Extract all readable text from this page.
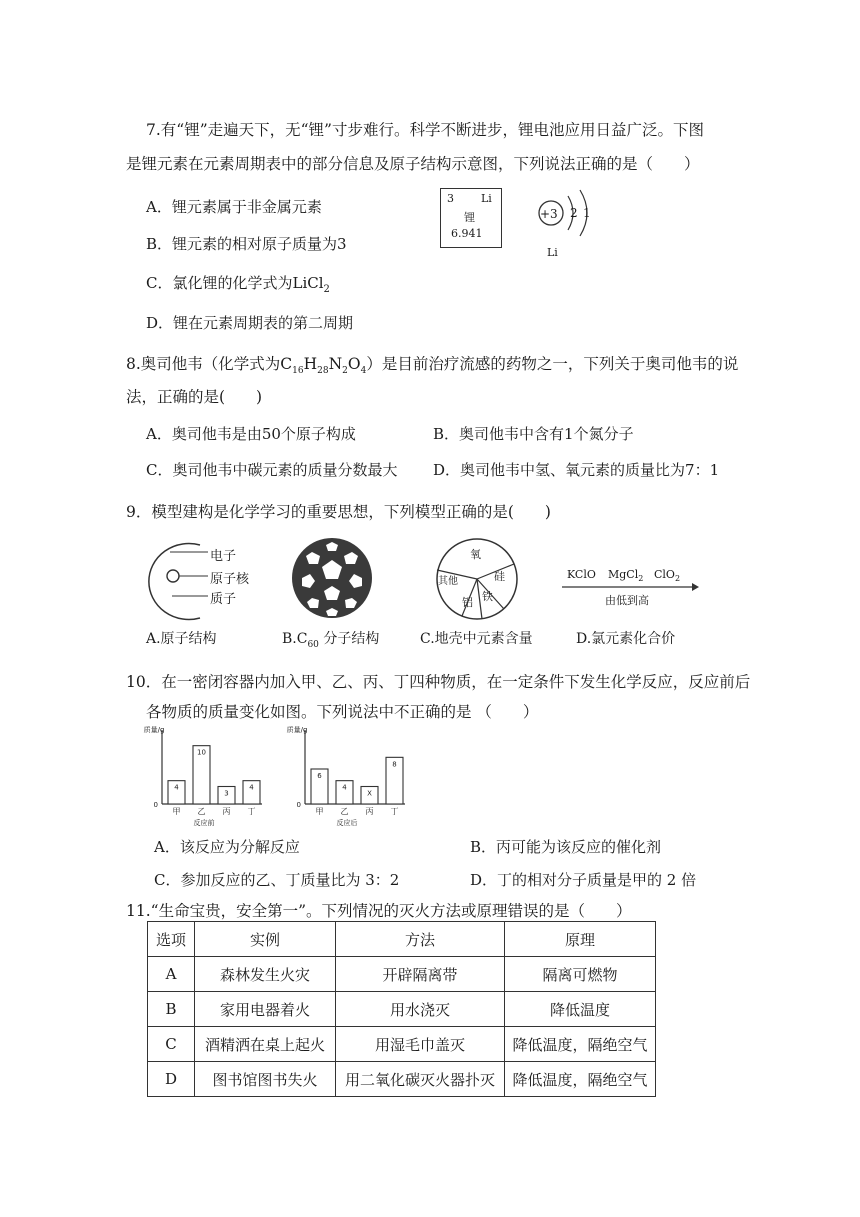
7.有“锂”走遍天下，无“锂”寸步难行。科学不断进步，锂电池应用日益广泛。下图
是锂元素在元素周期表中的部分信息及原子结构示意图，下列说法正确的是（　　）
A．锂元素属于非金属元素
B．锂元素的相对原子质量为3
C．氯化锂的化学式为LiCl$_2$
D．锂在元素周期表的第二周期
3 Li
锂
6.941
+3 2 1
Li
8.奥司他韦（化学式为$C_{16}H_{28}N_2O_4$）是目前治疗流感的药物之一，下列关于奥司他韦的说
法，正确的是(　　)
A．奥司他韦是由50个原子构成	B．奥司他韦中含有1个氮分子
C．奥司他韦中碳元素的质量分数最大 D．奥司他韦中氢、氧元素的质量比为7：1
9．模型建构是化学学习的重要思想，下列模型正确的是(　　)
电子
原子核
质子
氧
硅
铁
铝
其他
KClO MgCl$_2$ ClO$_2$
由低到高
A.原子结构	$B.C_{60}$ 分子结构	C.地壳中元素含量	D.氯元素化合价
10．在一密闭容器内加入甲、乙、丙、丁四种物质，在一定条件下发生化学反应，反应前后
各物质的质量变化如图。下列说法中不正确的是 （　　）
质量/g
0
4
甲
10
乙
3
丙
4
丁
反应前
质量/g
0
6
甲
4
乙
X
丙
8
丁
反应后
A．该反应为分解反应	B．丙可能为该反应的催化剂
C．参加反应的乙、丁质量比为 3：2	D．丁的相对分子质量是甲的 2 倍
11.“生命宝贵，安全第一”。下列情况的灭火方法或原理错误的是（　　）
选项	实例	方法	原理
A	森林发生火灾	开辟隔离带	隔离可燃物
B	家用电器着火	用水浇灭	降低温度
C	酒精洒在桌上起火	用湿毛巾盖灭	降低温度，隔绝空气
D	图书馆图书失火	用二氧化碳灭火器扑灭	降低温度，隔绝空气
